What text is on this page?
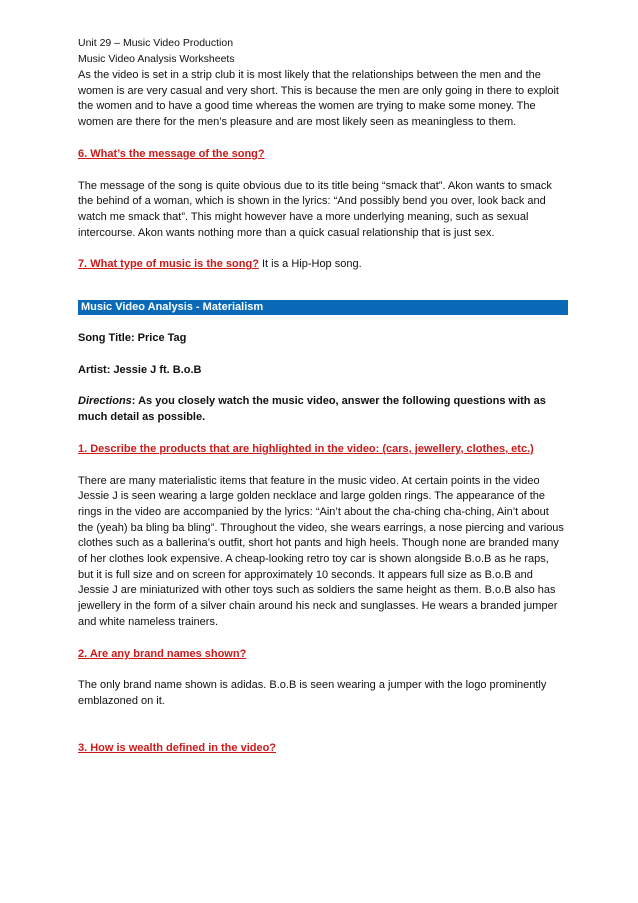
Unit 29 – Music Video Production

Music Video Analysis Worksheets

As the video is set in a strip club it is most likely that the relationships between the men and the women is are very casual and very short. This is because the men are only going in there to exploit the women and to have a good time whereas the women are trying to make some money. The women are there for the men’s pleasure and are most likely seen as meaningless to them.

6. What’s the message of the song?

The message of the song is quite obvious due to its title being “smack that”. Akon wants to smack the behind of a woman, which is shown in the lyrics: “And possibly bend you over, look back and watch me smack that”. This might however have a more underlying meaning, such as sexual intercourse. Akon wants nothing more than a quick casual relationship that is just sex.

7. What type of music is the song? It is a Hip-Hop song.

Music Video Analysis - Materialism

Song Title: Price Tag

Artist: Jessie J ft. B.o.B

Directions: As you closely watch the music video, answer the following questions with as much detail as possible.

1. Describe the products that are highlighted in the video: (cars, jewellery, clothes, etc.)

There are many materialistic items that feature in the music video. At certain points in the video Jessie J is seen wearing a large golden necklace and large golden rings. The appearance of the rings in the video are accompanied by the lyrics: “Ain’t about the cha-ching cha-ching, Ain’t about the (yeah) ba bling ba bling”. Throughout the video, she wears earrings, a nose piercing and various clothes such as a ballerina’s outfit, short hot pants and high heels. Though none are branded many of her clothes look expensive. A cheap-looking retro toy car is shown alongside B.o.B as he raps, but it is full size and on screen for approximately 10 seconds. It appears full size as B.o.B and Jessie J are miniaturized with other toys such as soldiers the same height as them. B.o.B also has jewellery in the form of a silver chain around his neck and sunglasses. He wears a branded jumper and white nameless trainers.

2. Are any brand names shown?

The only brand name shown is adidas. B.o.B is seen wearing a jumper with the logo prominently emblazoned on it.

3. How is wealth defined in the video?
